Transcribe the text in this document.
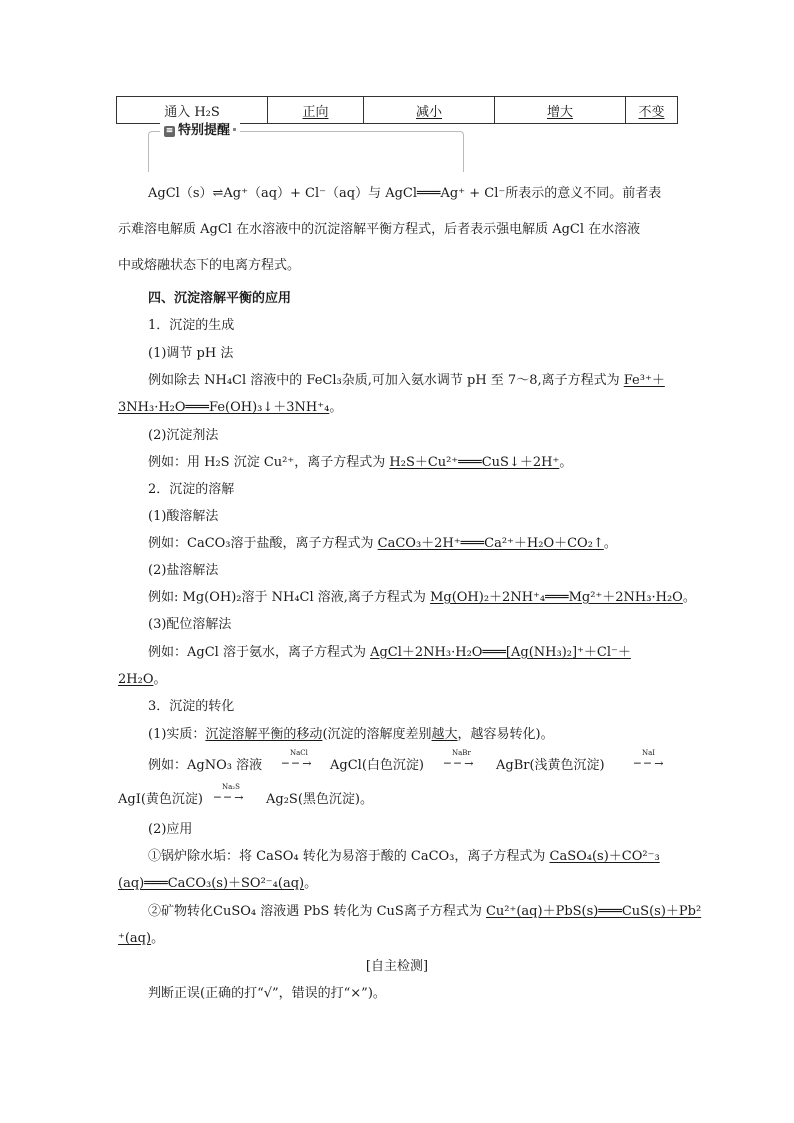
通入 H₂S	正向	减小	增大	不变
≡ 特别提醒
AgCl（s）⇌Ag⁺（aq）+ Cl⁻（aq）与 AgCl═══Ag⁺ + Cl⁻所表示的意义不同。前者表
示难溶电解质 AgCl 在水溶液中的沉淀溶解平衡方程式，后者表示强电解质 AgCl 在水溶液
中或熔融状态下的电离方程式。
四、沉淀溶解平衡的应用
1．沉淀的生成
(1)调节 pH 法
例如除去 NH₄Cl 溶液中的 FeCl₃杂质,可加入氨水调节 pH 至 7～8,离子方程式为 Fe³⁺＋
3NH₃·H₂O═══Fe(OH)₃↓＋3NH⁺₄。
(2)沉淀剂法
例如：用 H₂S 沉淀 Cu²⁺，离子方程式为 H₂S＋Cu²⁺═══CuS↓＋2H⁺。
2．沉淀的溶解
(1)酸溶解法
例如：CaCO₃溶于盐酸，离子方程式为 CaCO₃＋2H⁺═══Ca²⁺＋H₂O＋CO₂↑。
(2)盐溶解法
例如: Mg(OH)₂溶于 NH₄Cl 溶液,离子方程式为 Mg(OH)₂＋2NH⁺₄═══Mg²⁺＋2NH₃·H₂O。
(3)配位溶解法
例如：AgCl 溶于氨水，离子方程式为 AgCl＋2NH₃·H₂O═══[Ag(NH₃)₂]⁺＋Cl⁻＋
2H₂O。
3．沉淀的转化
(1)实质：沉淀溶解平衡的移动(沉淀的溶解度差别越大，越容易转化)。
例如：AgNO₃ 溶液
NaCl
─ ─ →	AgCl(白色沉淀)
NaBr
─ ─ →	AgBr(浅黄色沉淀)
NaI
─ ─ →
AgI(黄色沉淀)
Na₂S
─ ─ →	Ag₂S(黑色沉淀)。
(2)应用
①锅炉除水垢：将 CaSO₄ 转化为易溶于酸的 CaCO₃，离子方程式为 CaSO₄(s)＋CO²⁻₃
(aq)═══CaCO₃(s)＋SO²⁻₄(aq)。
②矿物转化CuSO₄ 溶液遇 PbS 转化为 CuS离子方程式为 Cu²⁺(aq)＋PbS(s)═══CuS(s)＋Pb²
⁺(aq)。
[自主检测]
判断正误(正确的打“√”，错误的打“×”)。
